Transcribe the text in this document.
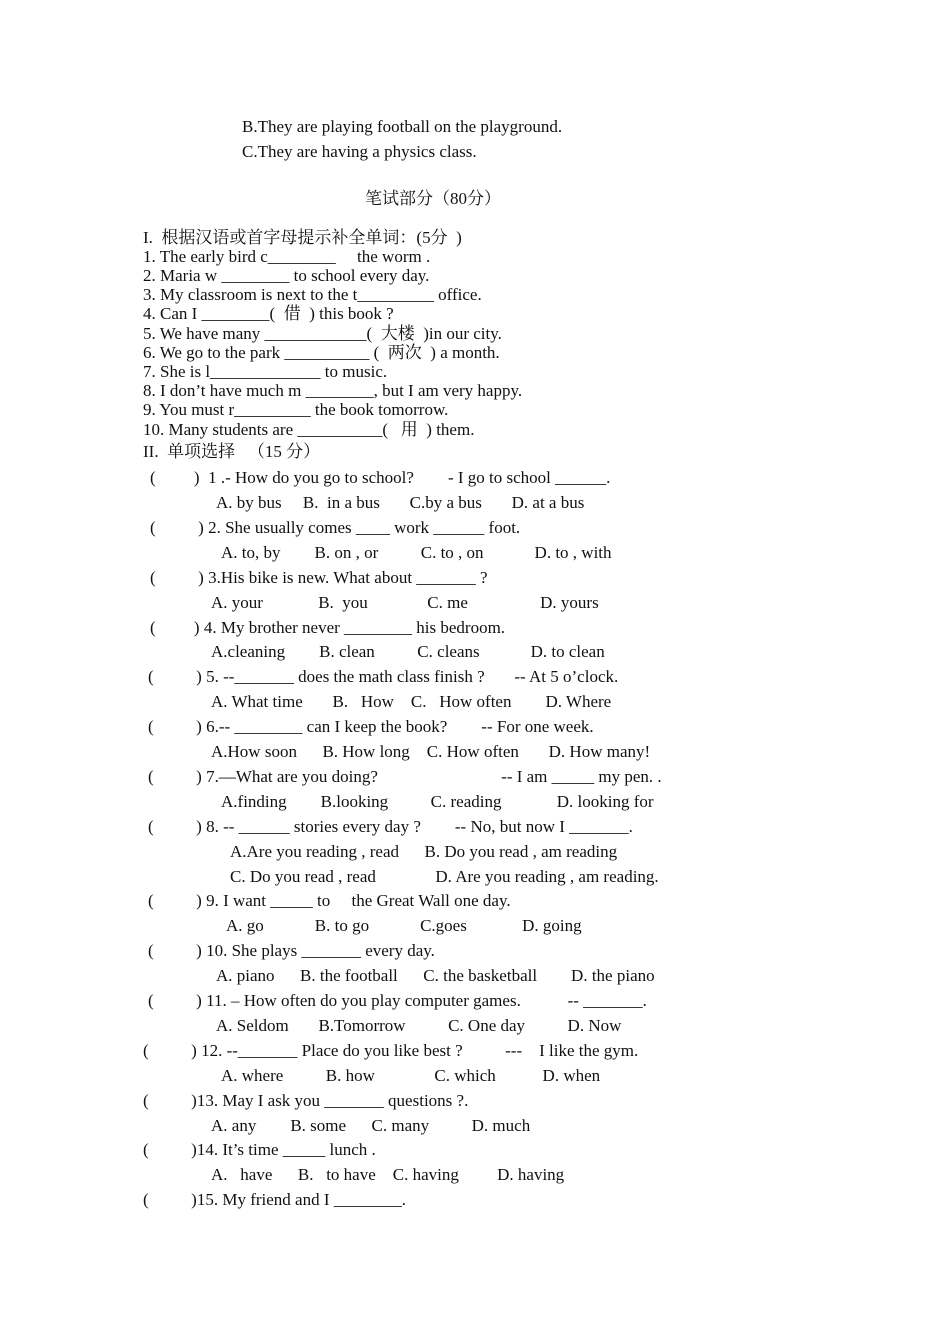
B.They are playing football on the playground.
C.They are having a physics class.
笔试部分（80分）
I.  根据汉语或首字母提示补全单词：(5分  )
1. The early bird c________     the worm .
2. Maria w ________ to school every day.
3. My classroom is next to the t_________ office.
4. Can I ________(  借  ) this book ?
5. We have many ____________(  大楼  )in our city.
6. We go to the park __________ (  两次  ) a month.
7. She is l_____________ to music.
8. I don’t have much m ________, but I am very happy.
9. You must r_________ the book tomorrow.
10. Many students are __________(   用  ) them.
II.  单项选择   （15 分）
(         )  1 .- How do you go to school?        - I go to school ______.
A. by bus     B.  in a bus       C.by a bus       D. at a bus
(          ) 2. She usually comes ____ work ______ foot.
A. to, by        B. on , or          C. to , on            D. to , with
(          ) 3.His bike is new. What about _______ ?
A. your             B.  you              C. me                 D. yours
(         ) 4. My brother never ________ his bedroom.
A.cleaning        B. clean          C. cleans            D. to clean
(          ) 5. --_______ does the math class finish ?       -- At 5 o’clock.
A. What time       B.   How    C.   How often        D. Where
(          ) 6.-- ________ can I keep the book?        -- For one week.
A.How soon      B. How long    C. How often       D. How many!
(          ) 7.—What are you doing?                             -- I am _____ my pen. .
A.finding        B.looking          C. reading             D. looking for
(          ) 8. -- ______ stories every day ?        -- No, but now I _______.
A.Are you reading , read      B. Do you read , am reading
C. Do you read , read              D. Are you reading , am reading.
(          ) 9. I want _____ to     the Great Wall one day.
A. go            B. to go            C.goes             D. going
(          ) 10. She plays _______ every day.
A. piano      B. the football      C. the basketball        D. the piano
(          ) 11. – How often do you play computer games.           -- _______.
A. Seldom       B.Tomorrow          C. One day          D. Now
(          ) 12. --_______ Place do you like best ?          ---    I like the gym.
A. where          B. how              C. which           D. when
(          )13. May I ask you _______ questions ?.
A. any        B. some      C. many          D. much
(          )14. It’s time _____ lunch .
A.   have      B.   to have    C. having         D. having
(          )15. My friend and I ________.
